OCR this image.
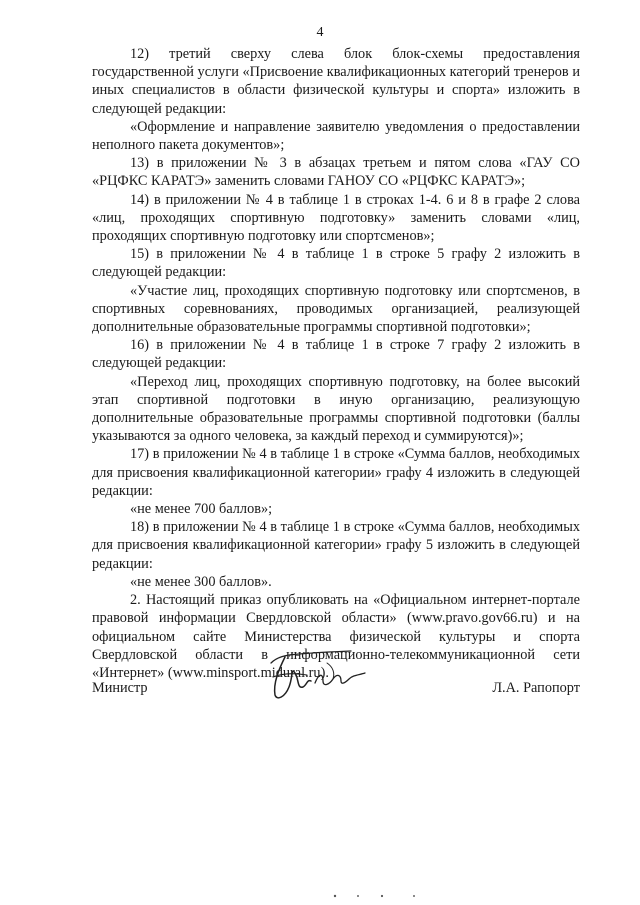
4

12) третий сверху слева блок блок-схемы предоставления государственной услуги «Присвоение квалификационных категорий тренеров и иных специалистов в области физической культуры и спорта» изложить в следующей редакции:

«Оформление и направление заявителю уведомления о предоставлении неполного пакета документов»;

13) в приложении № 3 в абзацах третьем и пятом слова «ГАУ СО «РЦФКС КАРАТЭ» заменить словами ГАНОУ СО «РЦФКС КАРАТЭ»;

14) в приложении № 4 в таблице 1 в строках 1-4. 6 и 8 в графе 2 слова «лиц, проходящих спортивную подготовку» заменить словами «лиц, проходящих спортивную подготовку или спортсменов»;

15) в приложении № 4 в таблице 1 в строке 5 графу 2 изложить в следующей редакции:

«Участие лиц, проходящих спортивную подготовку или спортсменов, в спортивных соревнованиях, проводимых организацией, реализующей дополнительные образовательные программы спортивной подготовки»;

16) в приложении № 4 в таблице 1 в строке 7 графу 2 изложить в следующей редакции:

«Переход лиц, проходящих спортивную подготовку, на более высокий этап спортивной подготовки в иную организацию, реализующую дополнительные образовательные программы спортивной подготовки (баллы указываются за одного человека, за каждый переход и суммируются)»;

17) в приложении № 4 в таблице 1 в строке «Сумма баллов, необходимых для присвоения квалификационной категории» графу 4 изложить в следующей редакции:

«не менее 700 баллов»;

18) в приложении № 4 в таблице 1 в строке «Сумма баллов, необходимых для присвоения квалификационной категории» графу 5 изложить в следующей редакции:

«не менее 300 баллов».

2. Настоящий приказ опубликовать на «Официальном интернет-портале правовой информации Свердловской области» (www.pravo.gov66.ru) и на официальном сайте Министерства физической культуры и спорта Свердловской области в информационно-телекоммуникационной сети «Интернет» (www.minsport.midural.ru).

Министр	Л.А. Рапопорт
